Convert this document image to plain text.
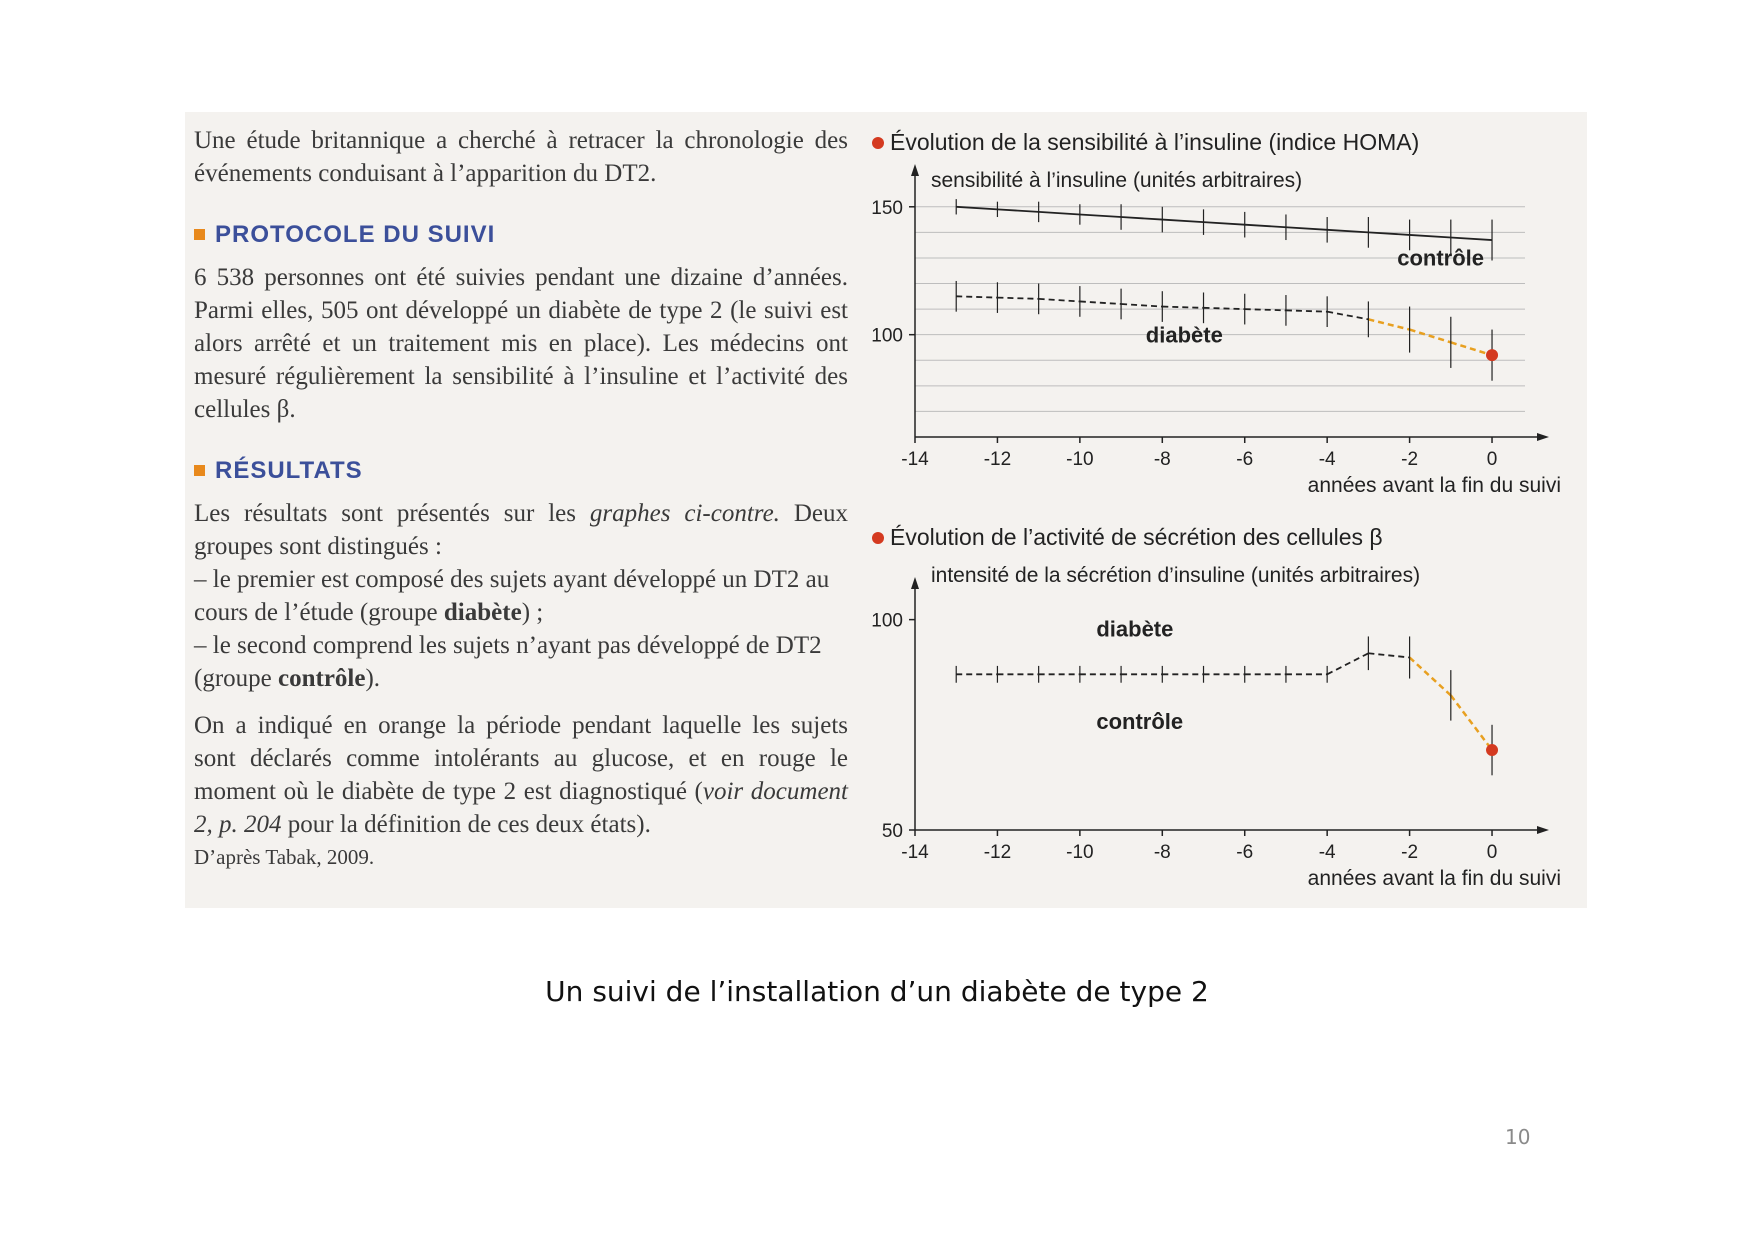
Une étude britannique a cherché à retracer la chronologie des événements conduisant à l’apparition du DT2.

PROTOCOLE DU SUIVI

6 538 personnes ont été suivies pendant une dizaine d’années. Parmi elles, 505 ont développé un diabète de type 2 (le suivi est alors arrêté et un traitement mis en place). Les médecins ont mesuré régulièrement la sensibilité à l’insuline et l’activité des cellules β.

RÉSULTATS

Les résultats sont présentés sur les graphes ci-contre. Deux groupes sont distingués :

– le premier est composé des sujets ayant développé un DT2 au cours de l’étude (groupe diabète) ;

– le second comprend les sujets n’ayant pas développé de DT2 (groupe contrôle).

On a indiqué en orange la période pendant laquelle les sujets sont déclarés comme intolérants au glucose, et en rouge le moment où le diabète de type 2 est diagnostiqué (voir document 2, p. 204 pour la définition de ces deux états).

D’après Tabak, 2009.

Évolution de la sensibilité à l’insuline (indice HOMA)
sensibilité à l’insuline (unités arbitraires)
100
150
-14	-12	-10	-8	-6	-4	-2	0
années avant la fin du suivi
contrôle
diabète
Évolution de l’activité de sécrétion des cellules β
intensité de la sécrétion d’insuline (unités arbitraires)
50
100
-14	-12	-10	-8	-6	-4	-2	0
années avant la fin du suivi
diabète
contrôle
Un suivi de l’installation d’un diabète de type 2
10
